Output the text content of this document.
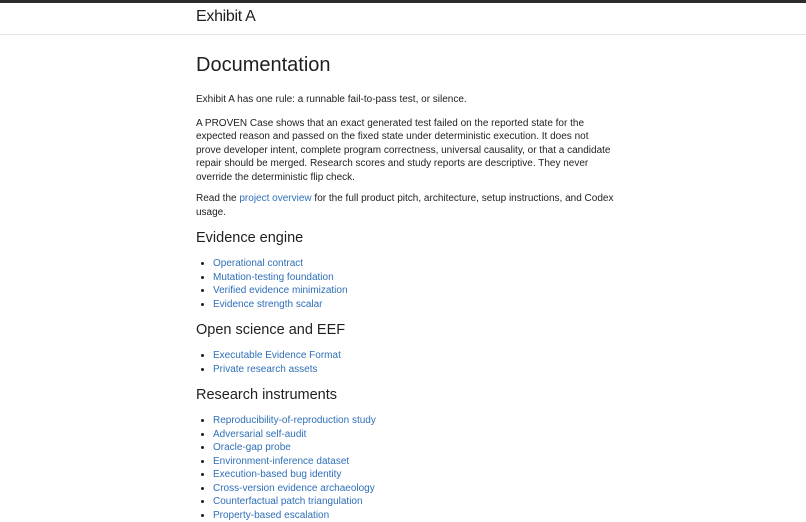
Exhibit A
Documentation

Exhibit A has one rule: a runnable fail-to-pass test, or silence.

A PROVEN Case shows that an exact generated test failed on the reported state for the expected reason and passed on the fixed state under deterministic execution. It does not prove developer intent, complete program correctness, universal causality, or that a candidate repair should be merged. Research scores and study reports are descriptive. They never override the deterministic flip check.

Read the project overview for the full product pitch, architecture, setup instructions, and Codex usage.

Evidence engine
• Operational contract
• Mutation-testing foundation
• Verified evidence minimization
• Evidence strength scalar
Open science and EEF
• Executable Evidence Format
• Private research assets
Research instruments
• Reproducibility-of-reproduction study
• Adversarial self-audit
• Oracle-gap probe
• Environment-inference dataset
• Execution-based bug identity
• Cross-version evidence archaeology
• Counterfactual patch triangulation
• Property-based escalation
